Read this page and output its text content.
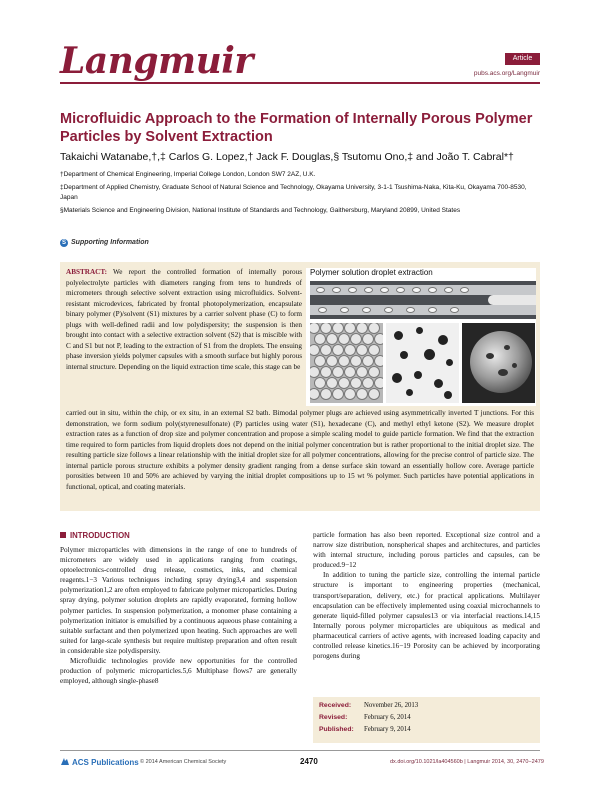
Langmuir	Article
pubs.acs.org/Langmuir
Microfluidic Approach to the Formation of Internally Porous Polymer Particles by Solvent Extraction
Takaichi Watanabe,†,‡ Carlos G. Lopez,† Jack F. Douglas,§ Tsutomu Ono,‡ and João T. Cabral*†

†Department of Chemical Engineering, Imperial College London, London SW7 2AZ, U.K.

‡Department of Applied Chemistry, Graduate School of Natural Science and Technology, Okayama University, 3-1-1 Tsushima-Naka, Kita-Ku, Okayama 700-8530, Japan

§Materials Science and Engineering Division, National Institute of Standards and Technology, Gaithersburg, Maryland 20899, United States

S Supporting Information
ABSTRACT: We report the controlled formation of internally porous polyelectrolyte particles with diameters ranging from tens to hundreds of micrometers through selective solvent extraction using microfluidics. Solvent-resistant microdevices, fabricated by frontal photopolymerization, encapsulate binary polymer (P)/solvent (S1) mixtures by a carrier solvent phase (C) to form plugs with well-defined radii and low polydispersity; the suspension is then brought into contact with a selective extraction solvent (S2) that is miscible with C and S1 but not P, leading to the extraction of S1 from the droplets. The ensuing phase inversion yields polymer capsules with a smooth surface but highly porous internal structure. Depending on the liquid extraction time scale, this stage can be
Polymer solution droplet extraction
carried out in situ, within the chip, or ex situ, in an external S2 bath. Bimodal polymer plugs are achieved using asymmetrically inverted T junctions. For this demonstration, we form sodium poly(styrenesulfonate) (P) particles using water (S1), hexadecane (C), and methyl ethyl ketone (S2). We measure droplet extraction rates as a function of drop size and polymer concentration and propose a simple scaling model to guide particle formation. We find that the extraction time required to form particles from liquid droplets does not depend on the initial polymer concentration but is rather proportional to the initial droplet size. The resulting particle size follows a linear relationship with the initial droplet size for all polymer concentrations, allowing for the precise control of particle size. The internal particle porous structure exhibits a polymer density gradient ranging from a dense surface skin toward an essentially hollow core. Average particle porosities between 10 and 50% are achieved by varying the initial droplet compositions up to 15 wt % polymer. Such particles have potential applications in functional, optical, and coating materials.
INTRODUCTION

Polymer microparticles with dimensions in the range of one to hundreds of micrometers are widely used in applications ranging from coatings, optoelectronics-controlled drug release, cosmetics, inks, and chemical reagents.1−3 Various techniques including spray drying3,4 and suspension polymerization1,2 are often employed to fabricate polymer microparticles. During spray drying, polymer solution droplets are rapidly evaporated, forming hollow polymer particles. In suspension polymerization, a monomer phase containing a polymerization initiator is emulsified by a continuous aqueous phase containing a suitable surfactant and then polymerized upon heating. Such approaches are well suited for large-scale synthesis but require multistep preparation and often result in considerable size polydispersity.

Microfluidic technologies provide new opportunities for the controlled production of polymeric microparticles.5,6 Multiphase flows7 are generally employed, although single-phase8

particle formation has also been reported. Exceptional size control and a narrow size distribution, nonspherical shapes and architectures, and particles with internal structure, including porous particles and capsules, can be produced.9−12

In addition to tuning the particle size, controlling the internal particle structure is important to engineering properties (mechanical, transport/separation, delivery, etc.) for practical applications. Multilayer encapsulation can be effectively implemented using coaxial microchannels to generate liquid-filled polymer capsules13 or via interfacial reactions.14,15 Internally porous polymer microparticles are ubiquitous as medical and pharmaceutical carriers of active agents, with increased loading capacity and controlled release kinetics.16−19 Porosity can be achieved by incorporating porogens during

Received: November 26, 2013
Revised: February 6, 2014
Published: February 9, 2014
ACS Publications © 2014 American Chemical Society	2470	dx.doi.org/10.1021/la404560b | Langmuir 2014, 30, 2470−2479
